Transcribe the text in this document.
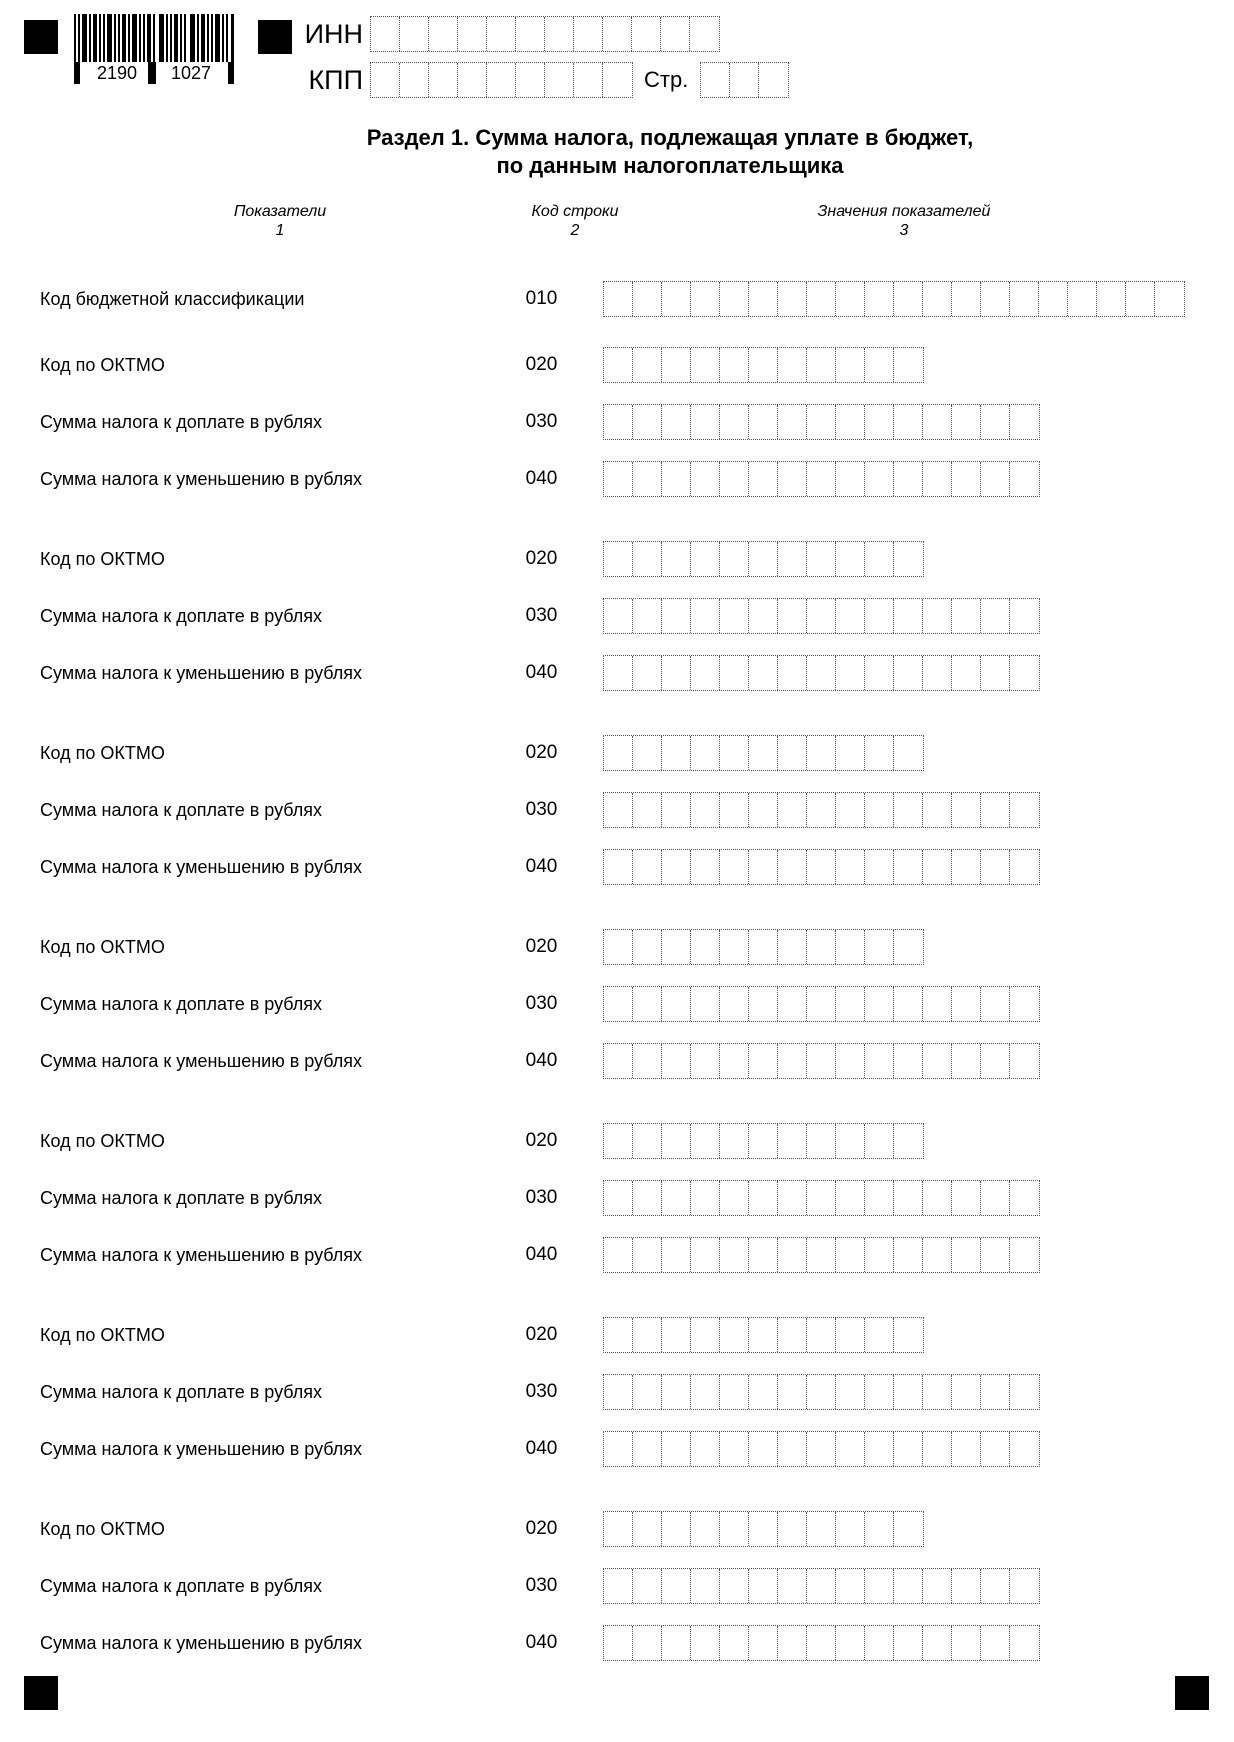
2190 1027
ИНН
КПП	Стр.
Раздел 1. Сумма налога, подлежащая уплате в бюджет,
по данным налогоплательщика
Показатели
1
Код строки
2
Значения показателей
3
Код бюджетной классификации	010
Код по ОКТМО	020
Сумма налога к доплате в рублях	030
Сумма налога к уменьшению в рублях	040
Код по ОКТМО	020
Сумма налога к доплате в рублях	030
Сумма налога к уменьшению в рублях	040
Код по ОКТМО	020
Сумма налога к доплате в рублях	030
Сумма налога к уменьшению в рублях	040
Код по ОКТМО	020
Сумма налога к доплате в рублях	030
Сумма налога к уменьшению в рублях	040
Код по ОКТМО	020
Сумма налога к доплате в рублях	030
Сумма налога к уменьшению в рублях	040
Код по ОКТМО	020
Сумма налога к доплате в рублях	030
Сумма налога к уменьшению в рублях	040
Код по ОКТМО	020
Сумма налога к доплате в рублях	030
Сумма налога к уменьшению в рублях	040
